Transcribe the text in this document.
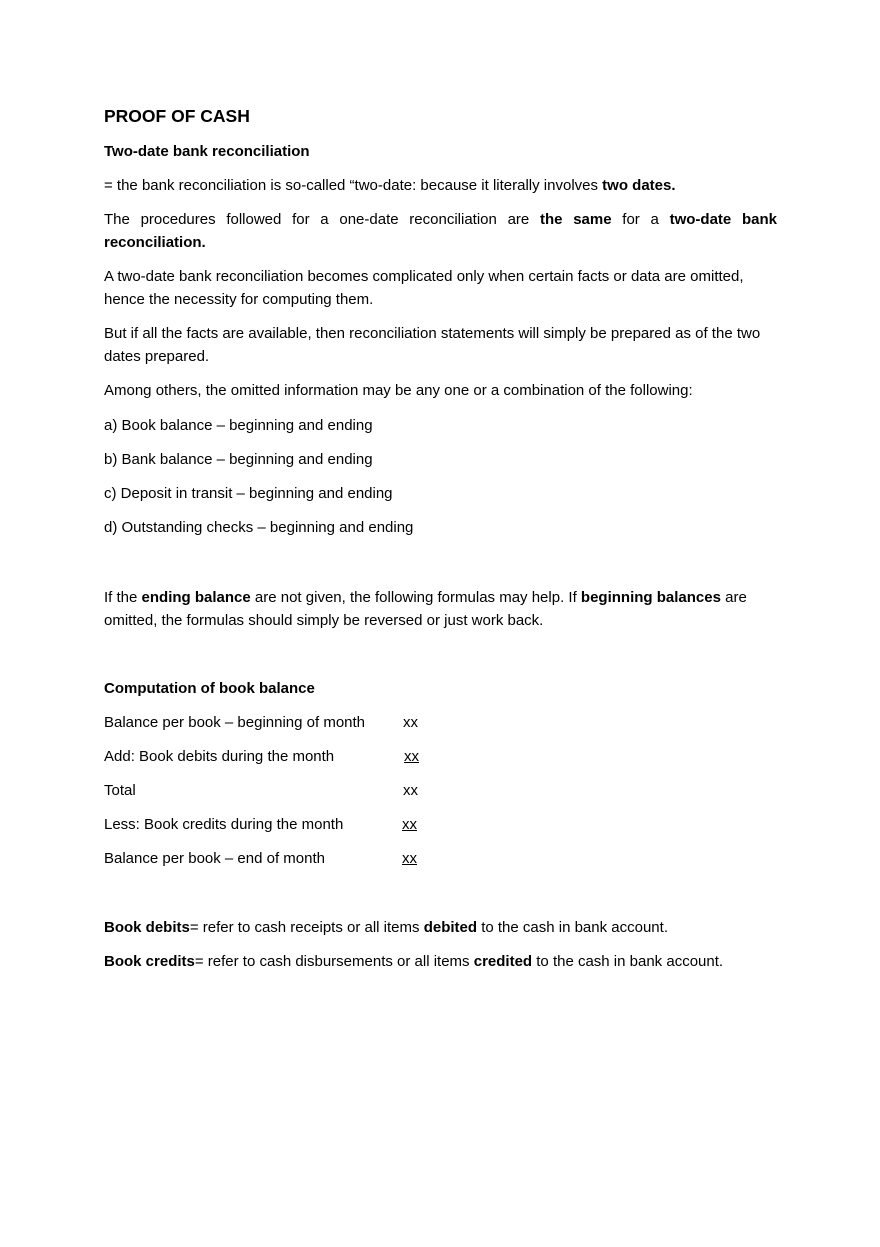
PROOF OF CASH
Two-date bank reconciliation

= the bank reconciliation is so-called “two-date: because it literally involves two dates.

The procedures followed for a one-date reconciliation are the same for a two-date bank reconciliation.

A two-date bank reconciliation becomes complicated only when certain facts or data are omitted, hence the necessity for computing them.

But if all the facts are available, then reconciliation statements will simply be prepared as of the two dates prepared.

Among others, the omitted information may be any one or a combination of the following:

a) Book balance – beginning and ending
b) Bank balance – beginning and ending
c) Deposit in transit – beginning and ending
d) Outstanding checks – beginning and ending

If the ending balance are not given, the following formulas may help. If beginning balances are omitted, the formulas should simply be reversed or just work back.

Computation of book balance
Balance per book – beginning of month	xx
Add: Book debits during the month	xx
Total	xx
Less: Book credits during the month	xx
Balance per book – end of month	xx

Book debits= refer to cash receipts or all items debited to the cash in bank account.

Book credits= refer to cash disbursements or all items credited to the cash in bank account.
